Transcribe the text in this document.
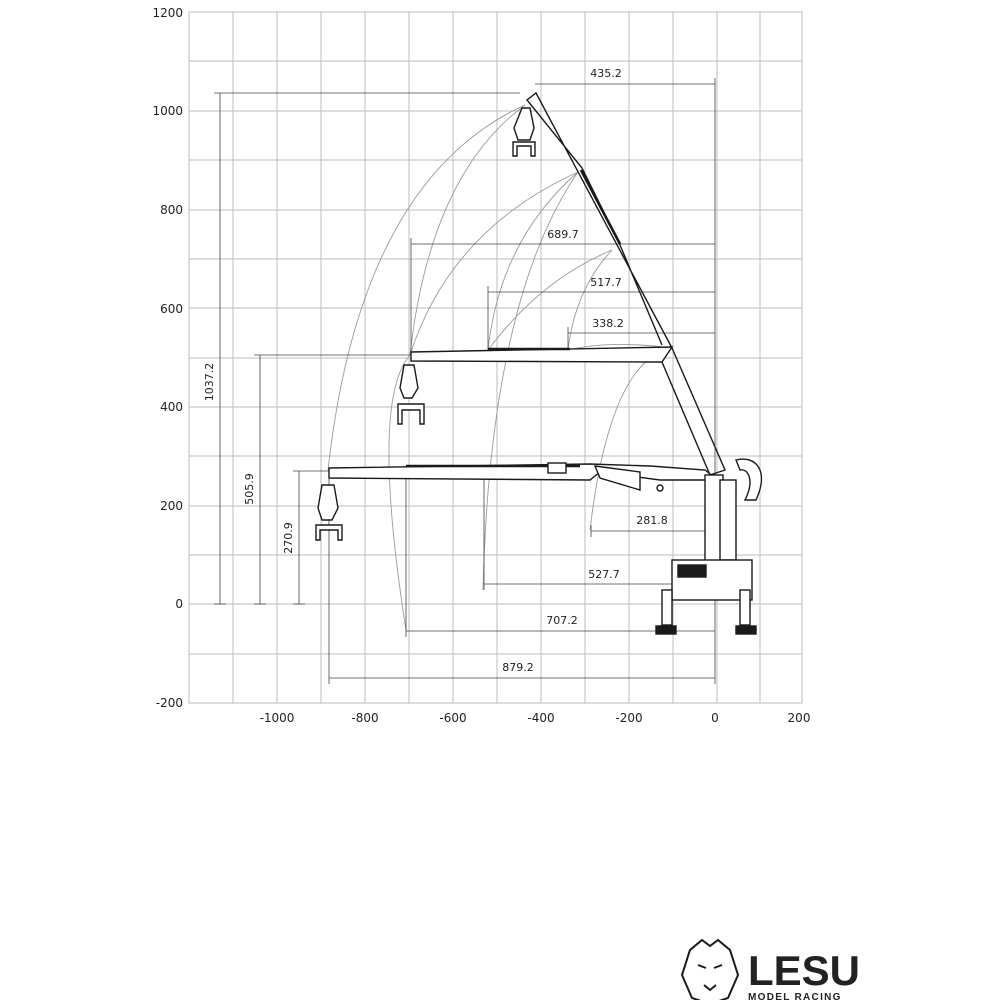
-1000	-800	-600	-400	-200	0	200
1200
1000
800
600
400
200
0
-200
1037.2
505.9
270.9
435.2
689.7
517.7
338.2
281.8
527.7
707.2
879.2
LESU
MODEL RACING
